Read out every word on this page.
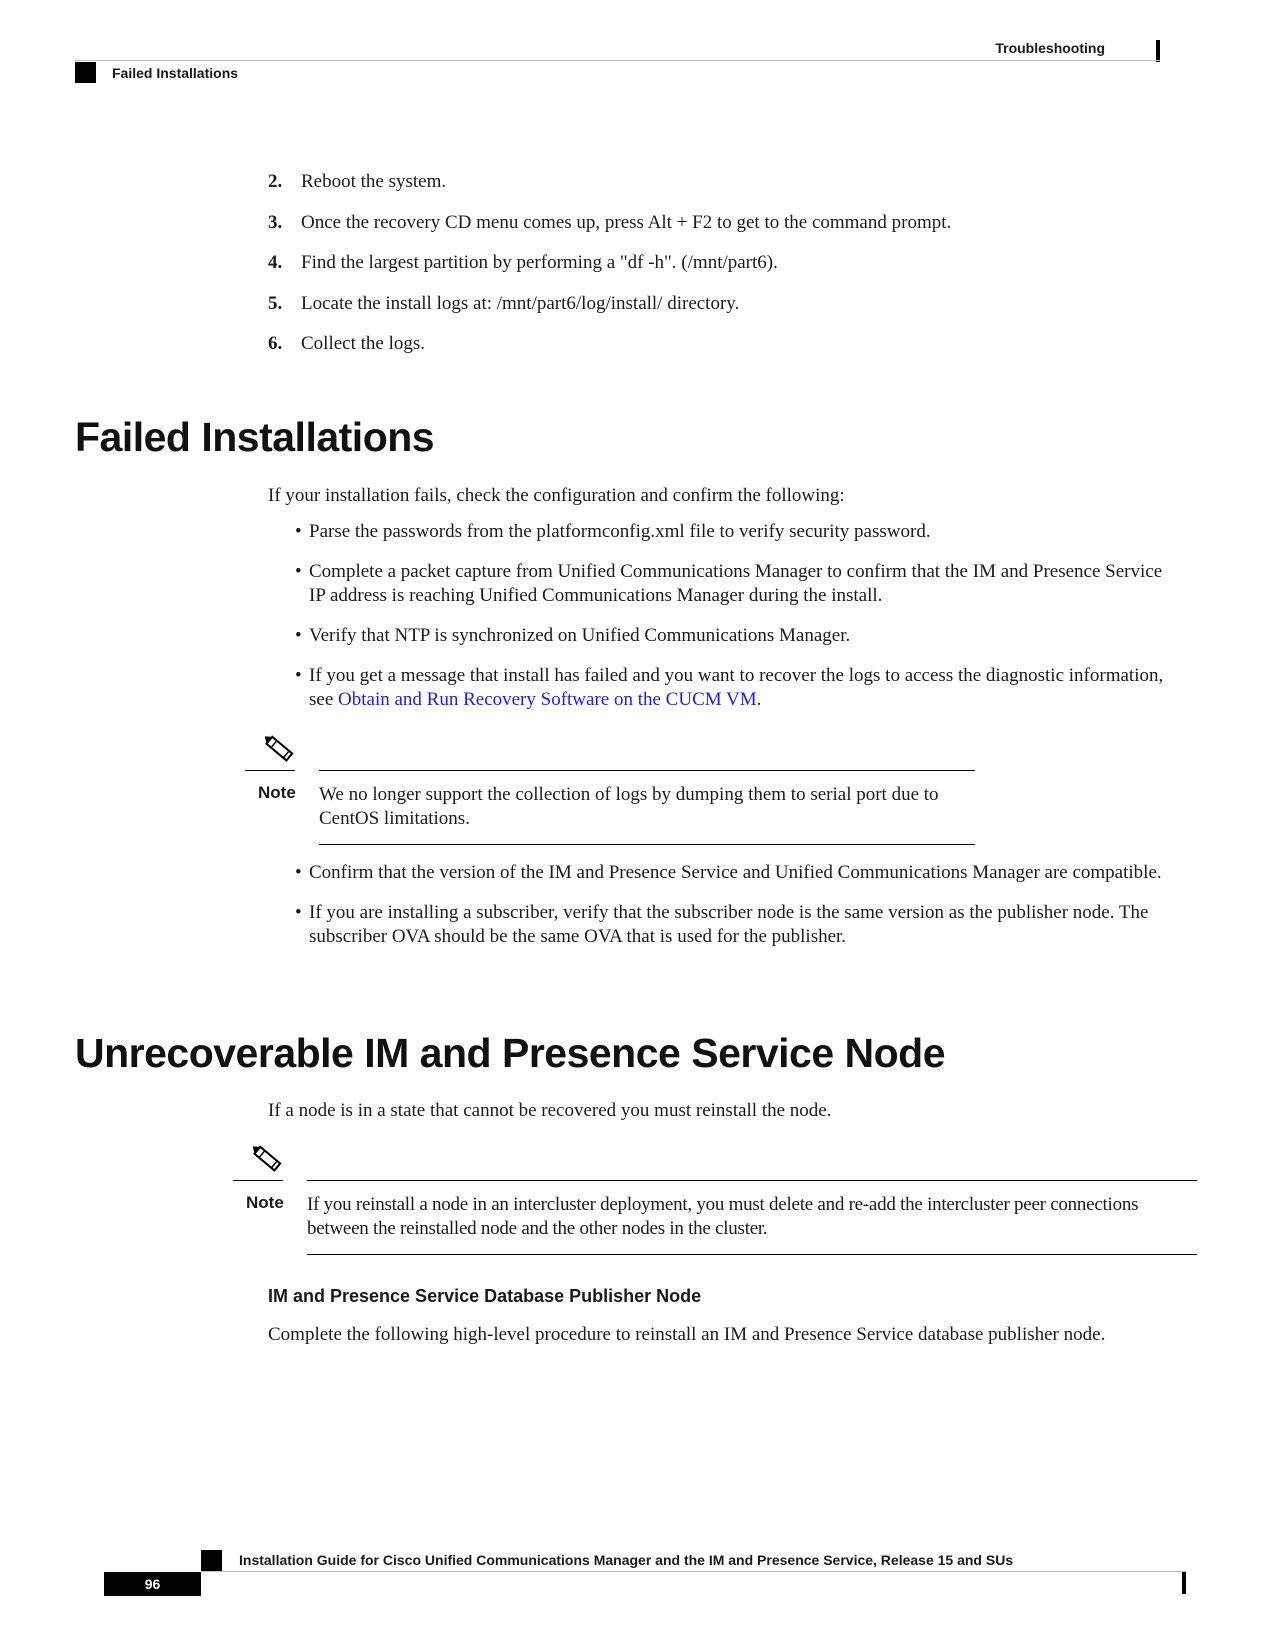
Troubleshooting
Failed Installations
2. Reboot the system.
3. Once the recovery CD menu comes up, press Alt + F2 to get to the command prompt.
4. Find the largest partition by performing a "df -h". (/mnt/part6).
5. Locate the install logs at: /mnt/part6/log/install/ directory.
6. Collect the logs.
Failed Installations
If your installation fails, check the configuration and confirm the following:
• Parse the passwords from the platformconfig.xml file to verify security password.
• Complete a packet capture from Unified Communications Manager to confirm that the IM and Presence Service IP address is reaching Unified Communications Manager during the install.
• Verify that NTP is synchronized on Unified Communications Manager.
• If you get a message that install has failed and you want to recover the logs to access the diagnostic information, see Obtain and Run Recovery Software on the CUCM VM.
Note We no longer support the collection of logs by dumping them to serial port due to CentOS limitations.
• Confirm that the version of the IM and Presence Service and Unified Communications Manager are compatible.
• If you are installing a subscriber, verify that the subscriber node is the same version as the publisher node. The subscriber OVA should be the same OVA that is used for the publisher.
Unrecoverable IM and Presence Service Node
If a node is in a state that cannot be recovered you must reinstall the node.
Note If you reinstall a node in an intercluster deployment, you must delete and re-add the intercluster peer connections between the reinstalled node and the other nodes in the cluster.
IM and Presence Service Database Publisher Node
Complete the following high-level procedure to reinstall an IM and Presence Service database publisher node.
Installation Guide for Cisco Unified Communications Manager and the IM and Presence Service, Release 15 and SUs
96
